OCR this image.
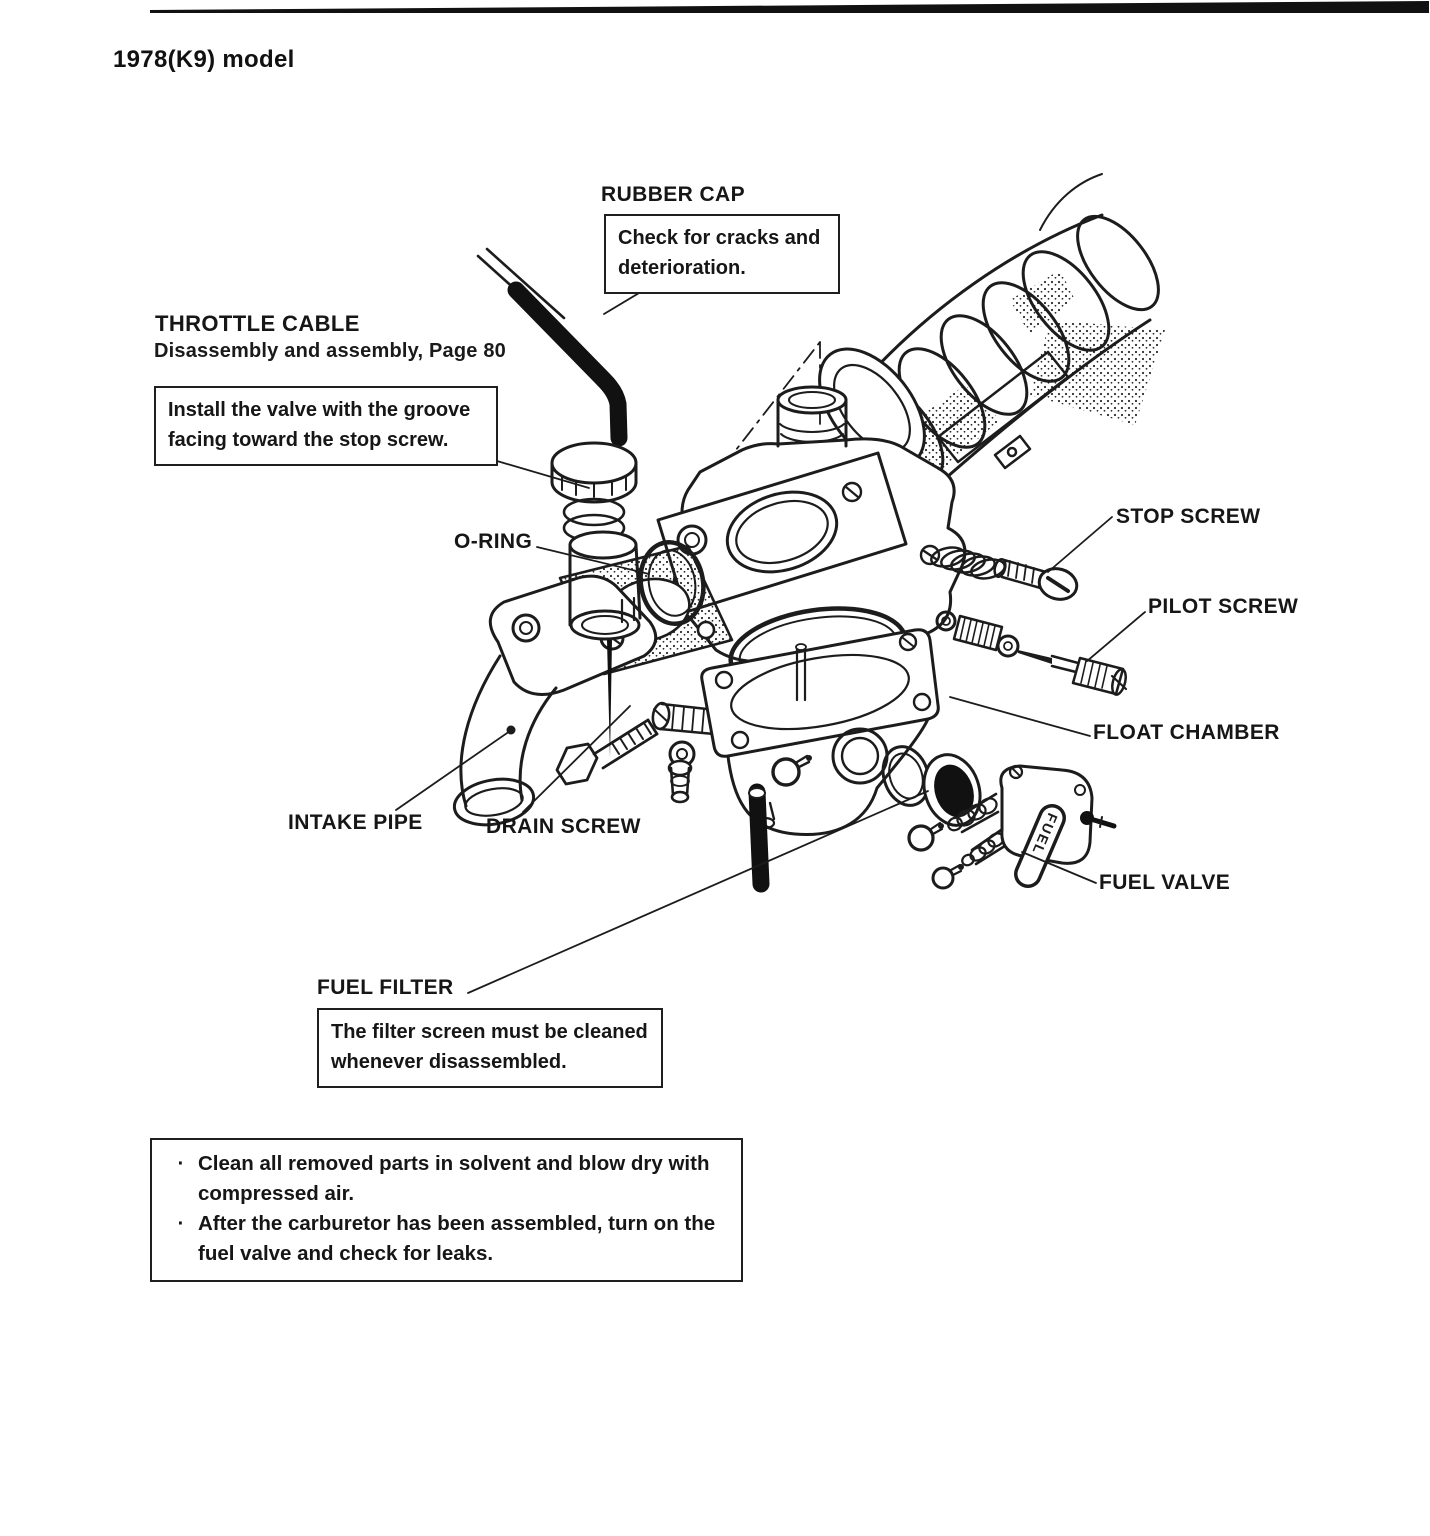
FUEL
1978(K9) model
RUBBER CAP
Check for cracks and
deterioration.
THROTTLE CABLE
Disassembly and assembly, Page 80
Install the valve with the groove
facing toward the stop screw.
O-RING
STOP SCREW
PILOT SCREW
FLOAT CHAMBER
INTAKE PIPE	DRAIN SCREW
FUEL VALVE
FUEL FILTER
The filter screen must be cleaned
whenever disassembled.
· Clean all removed parts in solvent and blow dry with
compressed air.
· After the carburetor has been assembled, turn on the
fuel valve and check for leaks.
